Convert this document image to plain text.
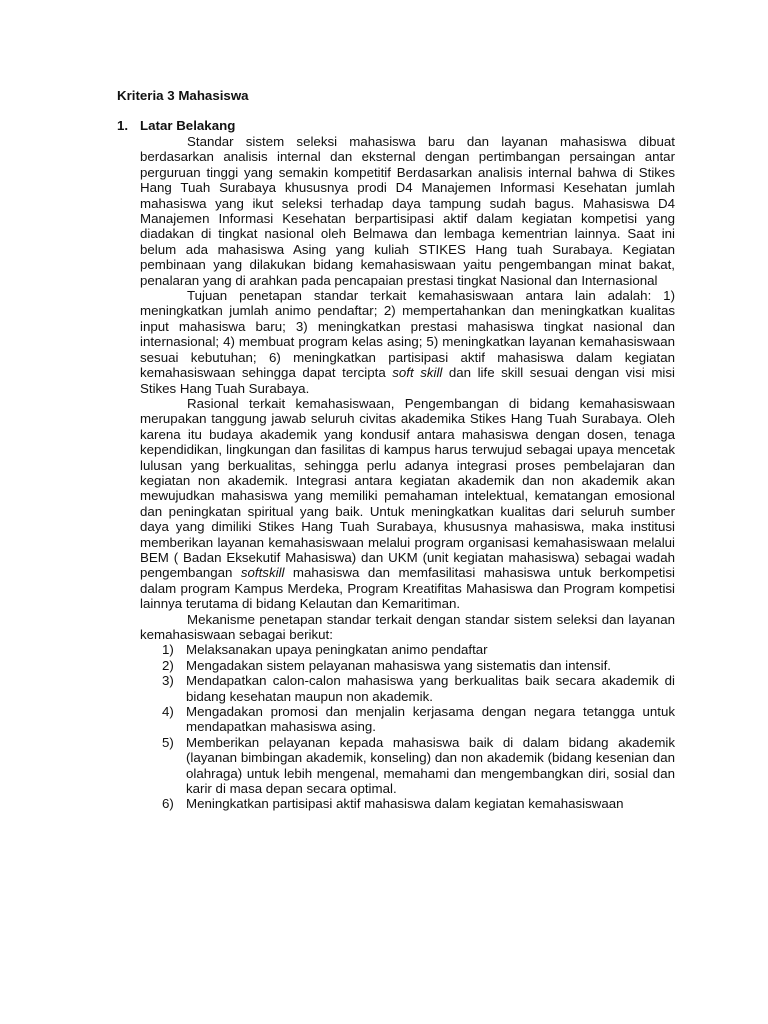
Kriteria 3 Mahasiswa
1. Latar Belakang

Standar sistem seleksi mahasiswa baru dan layanan mahasiswa dibuat berdasarkan analisis internal dan eksternal dengan pertimbangan persaingan antar perguruan tinggi yang semakin kompetitif Berdasarkan analisis internal bahwa di Stikes Hang Tuah Surabaya khususnya prodi D4 Manajemen Informasi Kesehatan jumlah mahasiswa yang ikut seleksi terhadap daya tampung sudah bagus. Mahasiswa D4 Manajemen Informasi Kesehatan berpartisipasi aktif dalam kegiatan kompetisi yang diadakan di tingkat nasional oleh Belmawa dan lembaga kementrian lainnya. Saat ini belum ada mahasiswa Asing yang kuliah STIKES Hang tuah Surabaya. Kegiatan pembinaan yang dilakukan bidang kemahasiswaan yaitu pengembangan minat bakat, penalaran yang di arahkan pada pencapaian prestasi tingkat Nasional dan Internasional

Tujuan penetapan standar terkait kemahasiswaan antara lain adalah: 1) meningkatkan jumlah animo pendaftar; 2) mempertahankan dan meningkatkan kualitas input mahasiswa baru; 3) meningkatkan prestasi mahasiswa tingkat nasional dan internasional; 4) membuat program kelas asing; 5) meningkatkan layanan kemahasiswaan sesuai kebutuhan; 6) meningkatkan partisipasi aktif mahasiswa dalam kegiatan kemahasiswaan sehingga dapat tercipta soft skill dan life skill sesuai dengan visi misi Stikes Hang Tuah Surabaya.

Rasional terkait kemahasiswaan, Pengembangan di bidang kemahasiswaan merupakan tanggung jawab seluruh civitas akademika Stikes Hang Tuah Surabaya. Oleh karena itu budaya akademik yang kondusif antara mahasiswa dengan dosen, tenaga kependidikan, lingkungan dan fasilitas di kampus harus terwujud sebagai upaya mencetak lulusan yang berkualitas, sehingga perlu adanya integrasi proses pembelajaran dan kegiatan non akademik. Integrasi antara kegiatan akademik dan non akademik akan mewujudkan mahasiswa yang memiliki pemahaman intelektual, kematangan emosional dan peningkatan spiritual yang baik. Untuk meningkatkan kualitas dari seluruh sumber daya yang dimiliki Stikes Hang Tuah Surabaya, khususnya mahasiswa, maka institusi memberikan layanan kemahasiswaan melalui program organisasi kemahasiswaan melalui BEM ( Badan Eksekutif Mahasiswa) dan UKM (unit kegiatan mahasiswa) sebagai wadah pengembangan softskill mahasiswa dan memfasilitasi mahasiswa untuk berkompetisi dalam program Kampus Merdeka, Program Kreatifitas Mahasiswa dan Program kompetisi lainnya terutama di bidang Kelautan dan Kemaritiman.

Mekanisme penetapan standar terkait dengan standar sistem seleksi dan layanan kemahasiswaan sebagai berikut:

1) Melaksanakan upaya peningkatan animo pendaftar
2) Mengadakan sistem pelayanan mahasiswa yang sistematis dan intensif.
3) Mendapatkan calon-calon mahasiswa yang berkualitas baik secara akademik di bidang kesehatan maupun non akademik.
4) Mengadakan promosi dan menjalin kerjasama dengan negara tetangga untuk mendapatkan mahasiswa asing.
5) Memberikan pelayanan kepada mahasiswa baik di dalam bidang akademik (layanan bimbingan akademik, konseling) dan non akademik (bidang kesenian dan olahraga) untuk lebih mengenal, memahami dan mengembangkan diri, sosial dan karir di masa depan secara optimal.
6) Meningkatkan partisipasi aktif mahasiswa dalam kegiatan kemahasiswaan
